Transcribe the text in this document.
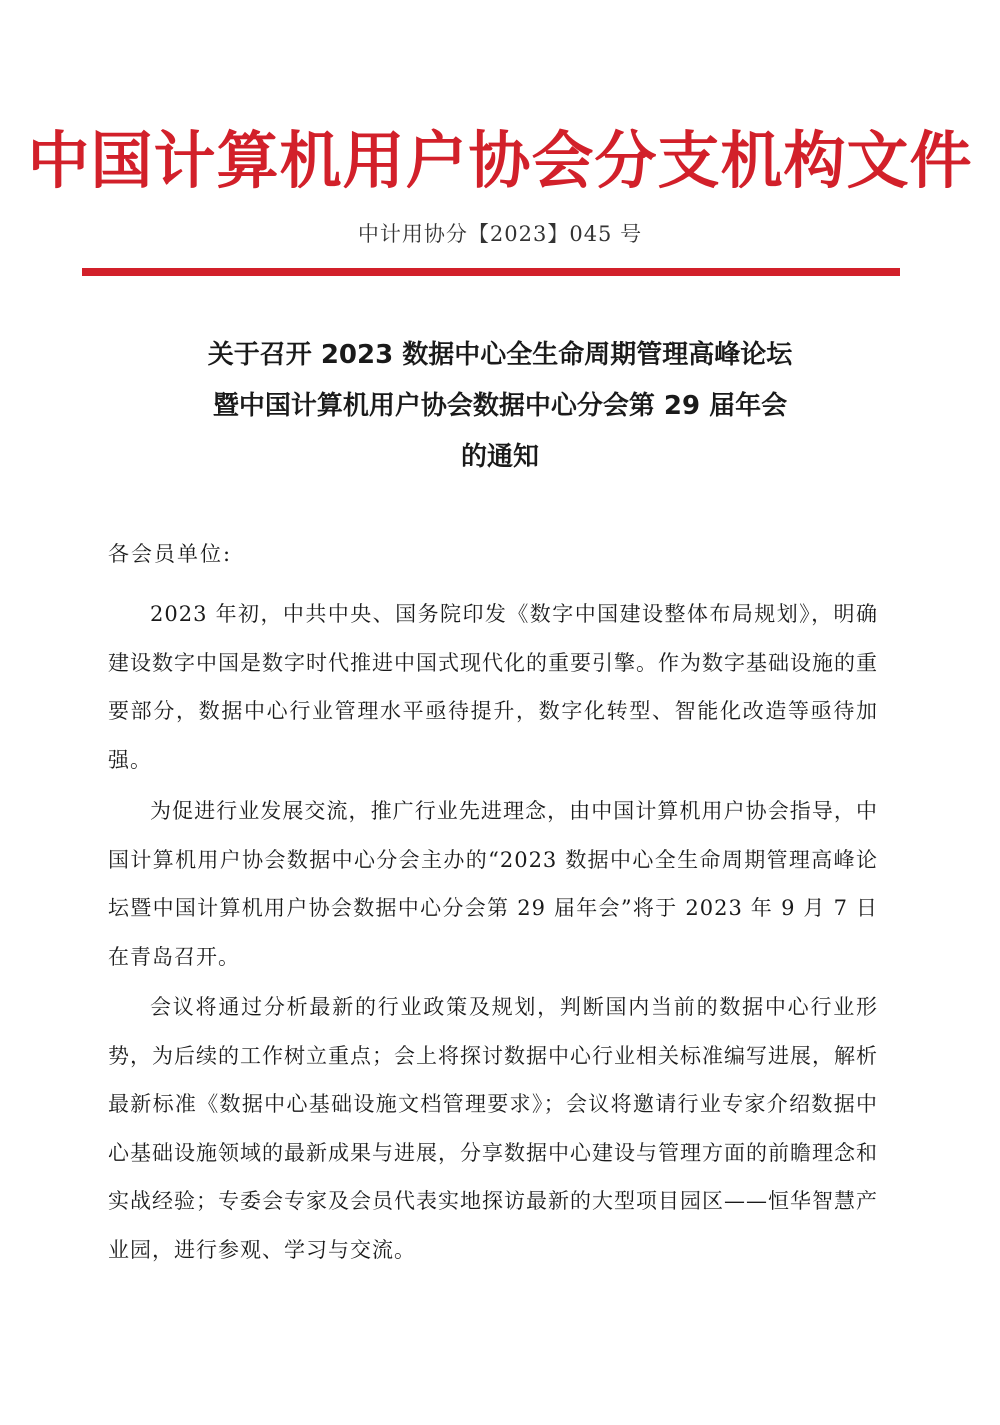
中国计算机用户协会分支机构文件
中计用协分【2023】045 号
关于召开 2023 数据中心全生命周期管理高峰论坛
暨中国计算机用户协会数据中心分会第 29 届年会
的通知
各会员单位:

2023 年初，中共中央、国务院印发《数字中国建设整体布局规划》，明确建设数字中国是数字时代推进中国式现代化的重要引擎。作为数字基础设施的重要部分，数据中心行业管理水平亟待提升，数字化转型、智能化改造等亟待加强。

为促进行业发展交流，推广行业先进理念，由中国计算机用户协会指导，中国计算机用户协会数据中心分会主办的“2023 数据中心全生命周期管理高峰论坛暨中国计算机用户协会数据中心分会第 29 届年会”将于 2023 年 9 月 7 日在青岛召开。

会议将通过分析最新的行业政策及规划，判断国内当前的数据中心行业形势，为后续的工作树立重点；会上将探讨数据中心行业相关标准编写进展，解析最新标准《数据中心基础设施文档管理要求》；会议将邀请行业专家介绍数据中心基础设施领域的最新成果与进展，分享数据中心建设与管理方面的前瞻理念和实战经验；专委会专家及会员代表实地探访最新的大型项目园区——恒华智慧产业园，进行参观、学习与交流。
